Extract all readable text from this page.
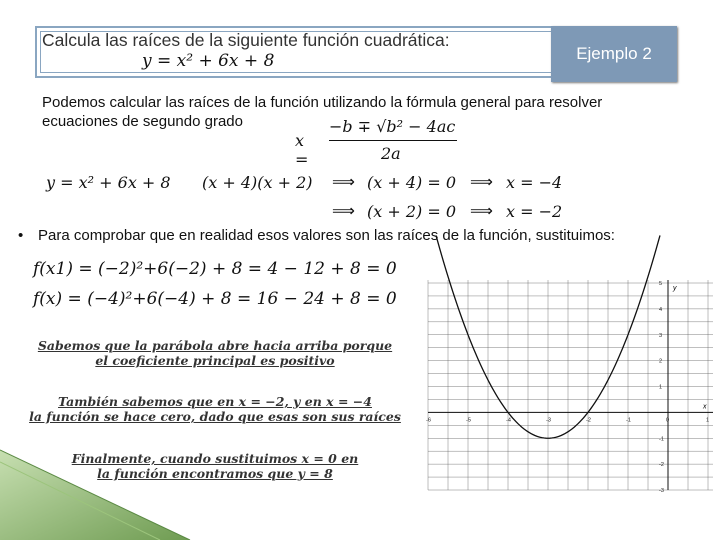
Calcula las raíces de la siguiente función cuadrática:
y = x² + 6x + 8	Ejemplo 2
Podemos calcular las raíces de la función utilizando la fórmula general para resolver
ecuaciones de segundo grado
x =
−b ∓ √b² − 4ac
2a
y = x² + 6x + 8 (x + 4)(x + 2) ⟹ (x + 4) = 0 ⟹ x = −4
⟹ (x + 2) = 0 ⟹ x = −2
• Para comprobar que en realidad esos valores son las raíces de la función, sustituimos:
f(x1) = (−2)²+6(−2) + 8 = 4 − 12 + 8 = 0
f(x) = (−4)²+6(−4) + 8 = 16 − 24 + 8 = 0
Sabemos que la parábola abre hacia arriba porque
el coeficiente principal es positivo
También sabemos que en x = −2, y en x = −4
la función se hace cero, dado que esas son sus raíces
Finalmente, cuando sustituimos x = 0 en
la función encontramos que y = 8
-6	-5	-4	-3	-2	-1	0	1
5
4
3
2
1
-1
-2
-3
x
y
